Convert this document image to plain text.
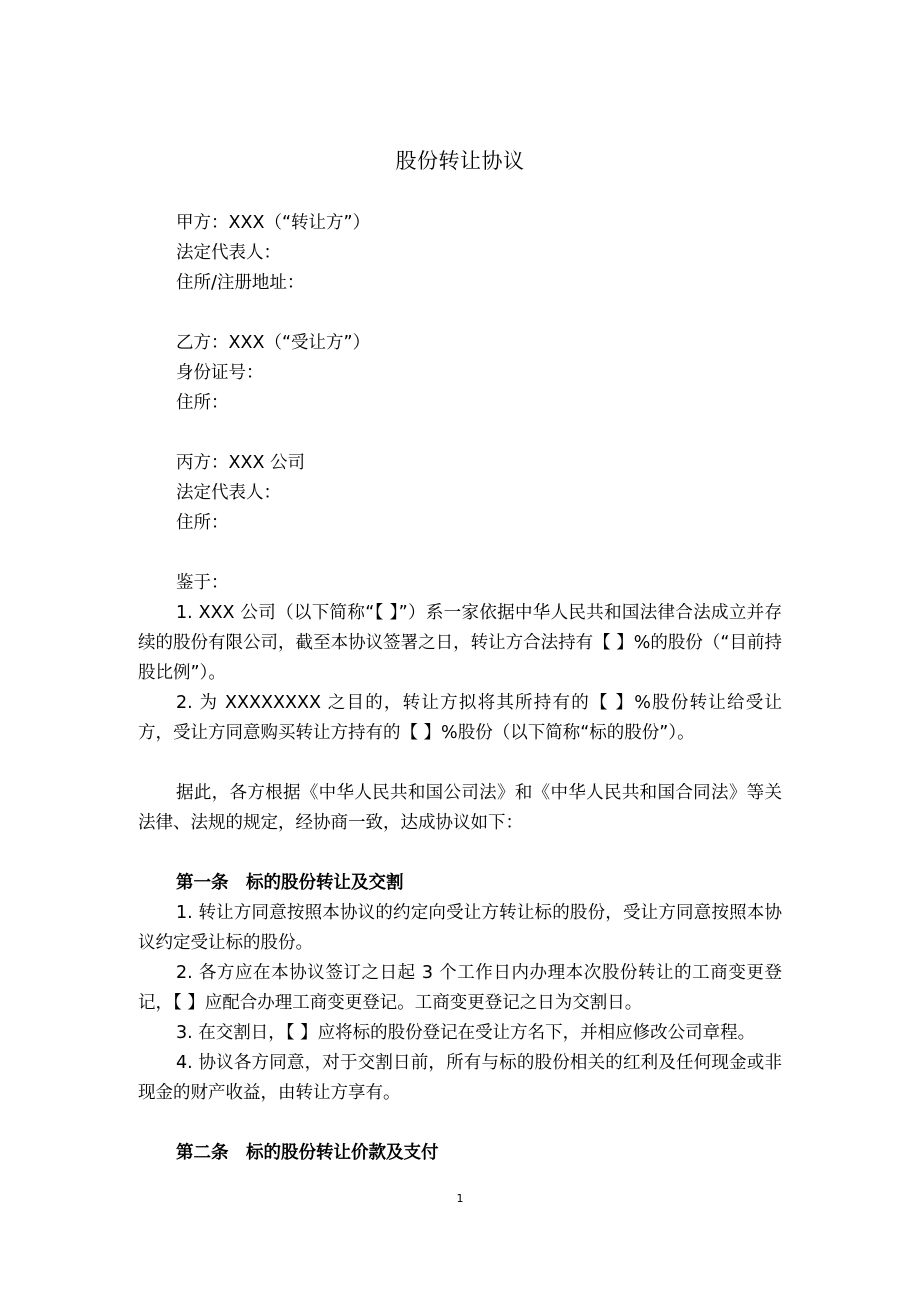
股份转让协议
甲方：XXX（“转让方”）
法定代表人：
住所/注册地址：
乙方：XXX（“受让方”）
身份证号：
住所：
丙方：XXX 公司
法定代表人：
住所：
鉴于：
1. XXX 公司（以下简称“【 】”）系一家依据中华人民共和国法律合法成立并存续的股份有限公司，截至本协议签署之日，转让方合法持有【 】%的股份（“目前持股比例”）。
2. 为 XXXXXXXX 之目的，转让方拟将其所持有的【 】%股份转让给受让方，受让方同意购买转让方持有的【 】%股份（以下简称“标的股份”）。
据此，各方根据《中华人民共和国公司法》和《中华人民共和国合同法》等关法律、法规的规定，经协商一致，达成协议如下：
第一条　标的股份转让及交割
1. 转让方同意按照本协议的约定向受让方转让标的股份，受让方同意按照本协议约定受让标的股份。
2. 各方应在本协议签订之日起 3 个工作日内办理本次股份转让的工商变更登记，【 】应配合办理工商变更登记。工商变更登记之日为交割日。
3. 在交割日，【 】应将标的股份登记在受让方名下，并相应修改公司章程。
4. 协议各方同意，对于交割日前，所有与标的股份相关的红利及任何现金或非现金的财产收益，由转让方享有。
第二条　标的股份转让价款及支付
1
